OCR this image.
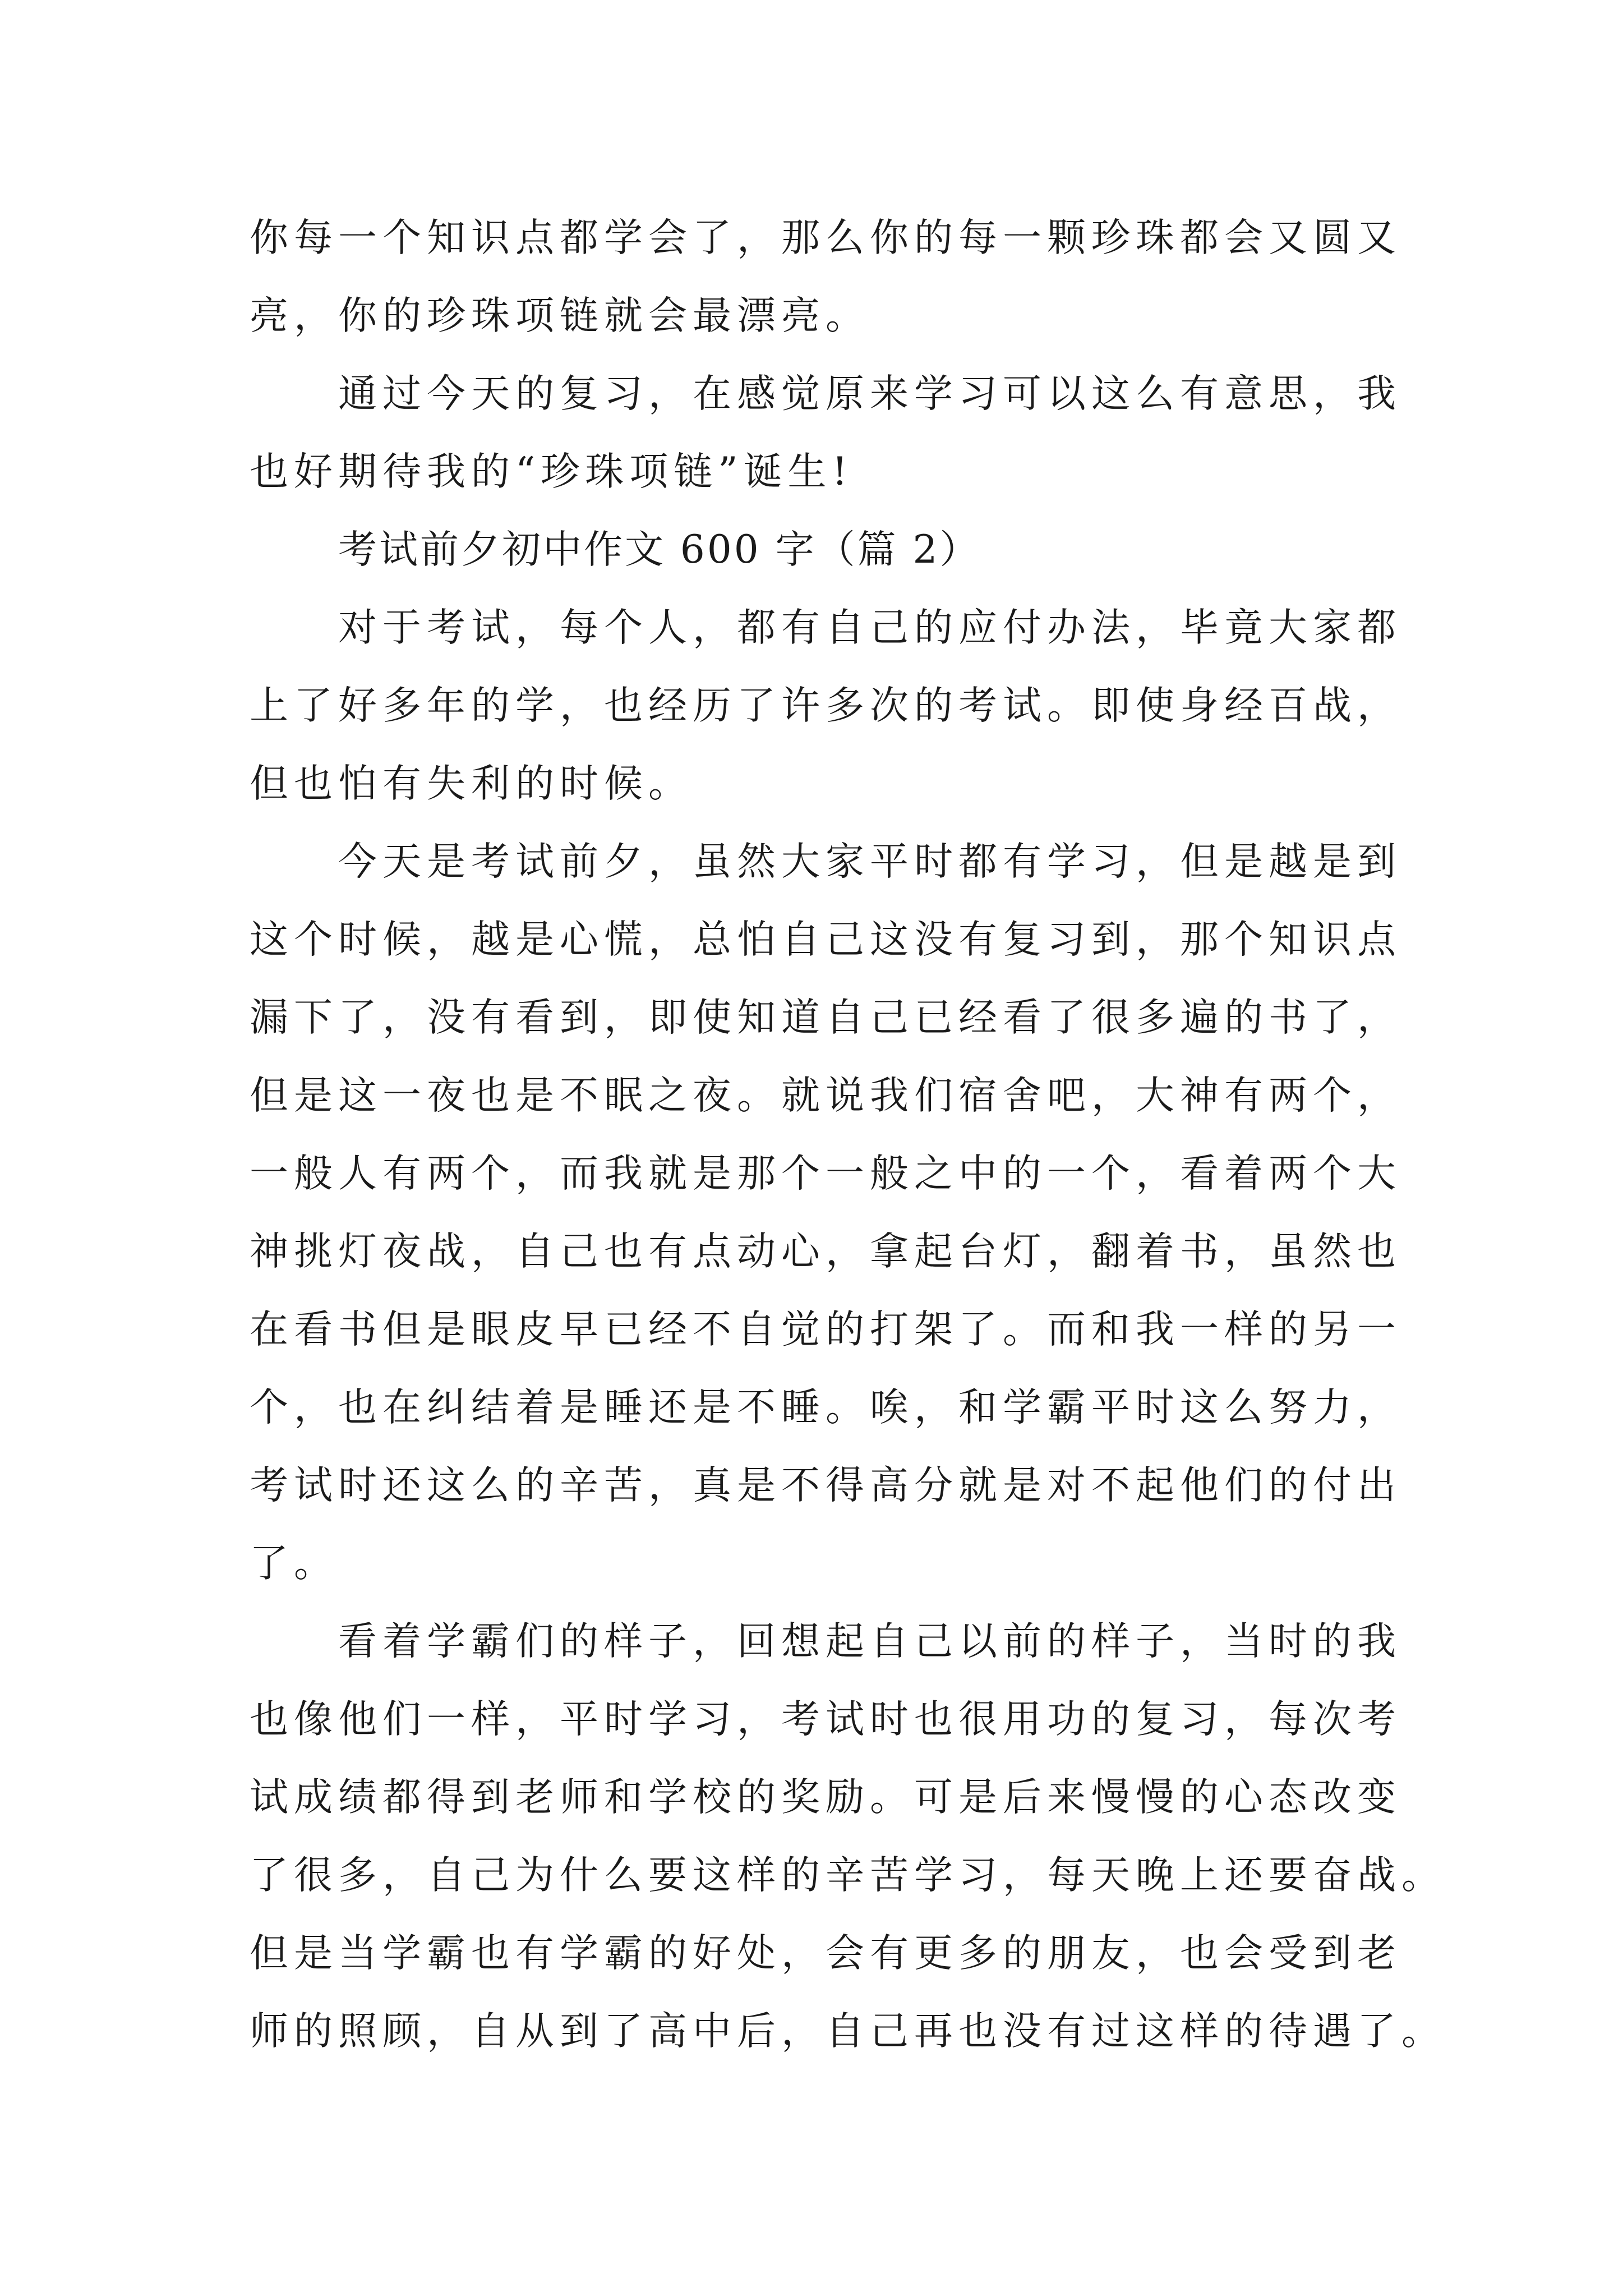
你每一个知识点都学会了，那么你的每一颗珍珠都会又圆又
亮，你的珍珠项链就会最漂亮。
通过今天的复习，在感觉原来学习可以这么有意思，我
也好期待我的“珍珠项链”诞生!
考试前夕初中作文 600 字（篇 2）
对于考试，每个人，都有自己的应付办法，毕竟大家都
上了好多年的学，也经历了许多次的考试。即使身经百战，
但也怕有失利的时候。
今天是考试前夕，虽然大家平时都有学习，但是越是到
这个时候，越是心慌，总怕自己这没有复习到，那个知识点
漏下了，没有看到，即使知道自己已经看了很多遍的书了，
但是这一夜也是不眠之夜。就说我们宿舍吧，大神有两个，
一般人有两个，而我就是那个一般之中的一个，看着两个大
神挑灯夜战，自己也有点动心，拿起台灯，翻着书，虽然也
在看书但是眼皮早已经不自觉的打架了。而和我一样的另一
个，也在纠结着是睡还是不睡。唉，和学霸平时这么努力，
考试时还这么的辛苦，真是不得高分就是对不起他们的付出
了。
看着学霸们的样子，回想起自己以前的样子，当时的我
也像他们一样，平时学习，考试时也很用功的复习，每次考
试成绩都得到老师和学校的奖励。可是后来慢慢的心态改变
了很多，自己为什么要这样的辛苦学习，每天晚上还要奋战。
但是当学霸也有学霸的好处，会有更多的朋友，也会受到老
师的照顾，自从到了高中后，自己再也没有过这样的待遇了。
